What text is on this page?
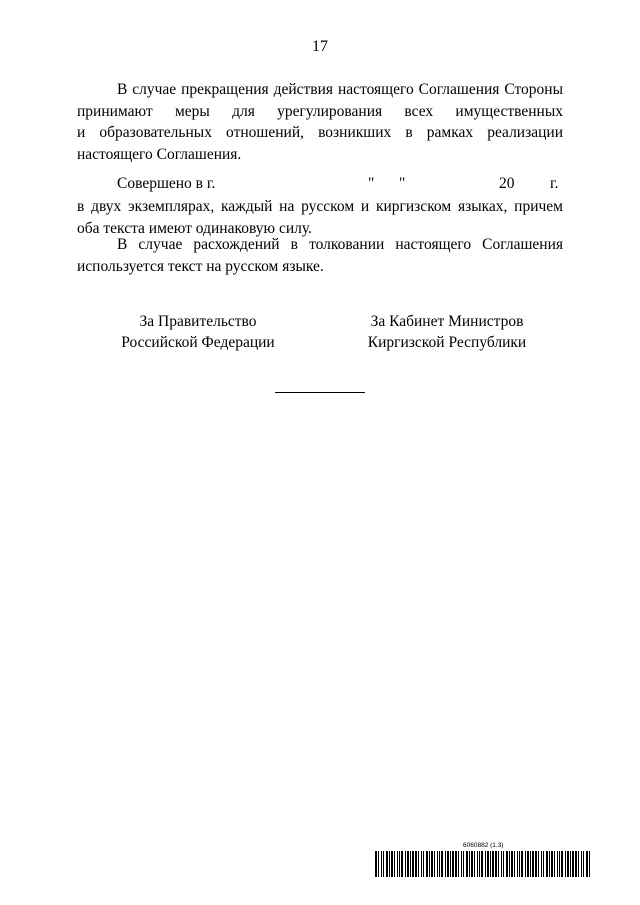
17
В случае прекращения действия настоящего Соглашения Стороны
принимают меры для урегулирования всех имущественных
и образовательных отношений, возникших в рамках реализации
настоящего Соглашения.
Совершено в г.	" "	20 г.

в двух экземплярах, каждый на русском и киргизском языках, причем оба текста имеют одинаковую силу.

В случае расхождений в толковании настоящего Соглашения используется текст на русском языке.

За Правительство
Российской Федерации
За Кабинет Министров
Киргизской Республики
6060882 (1.3)
